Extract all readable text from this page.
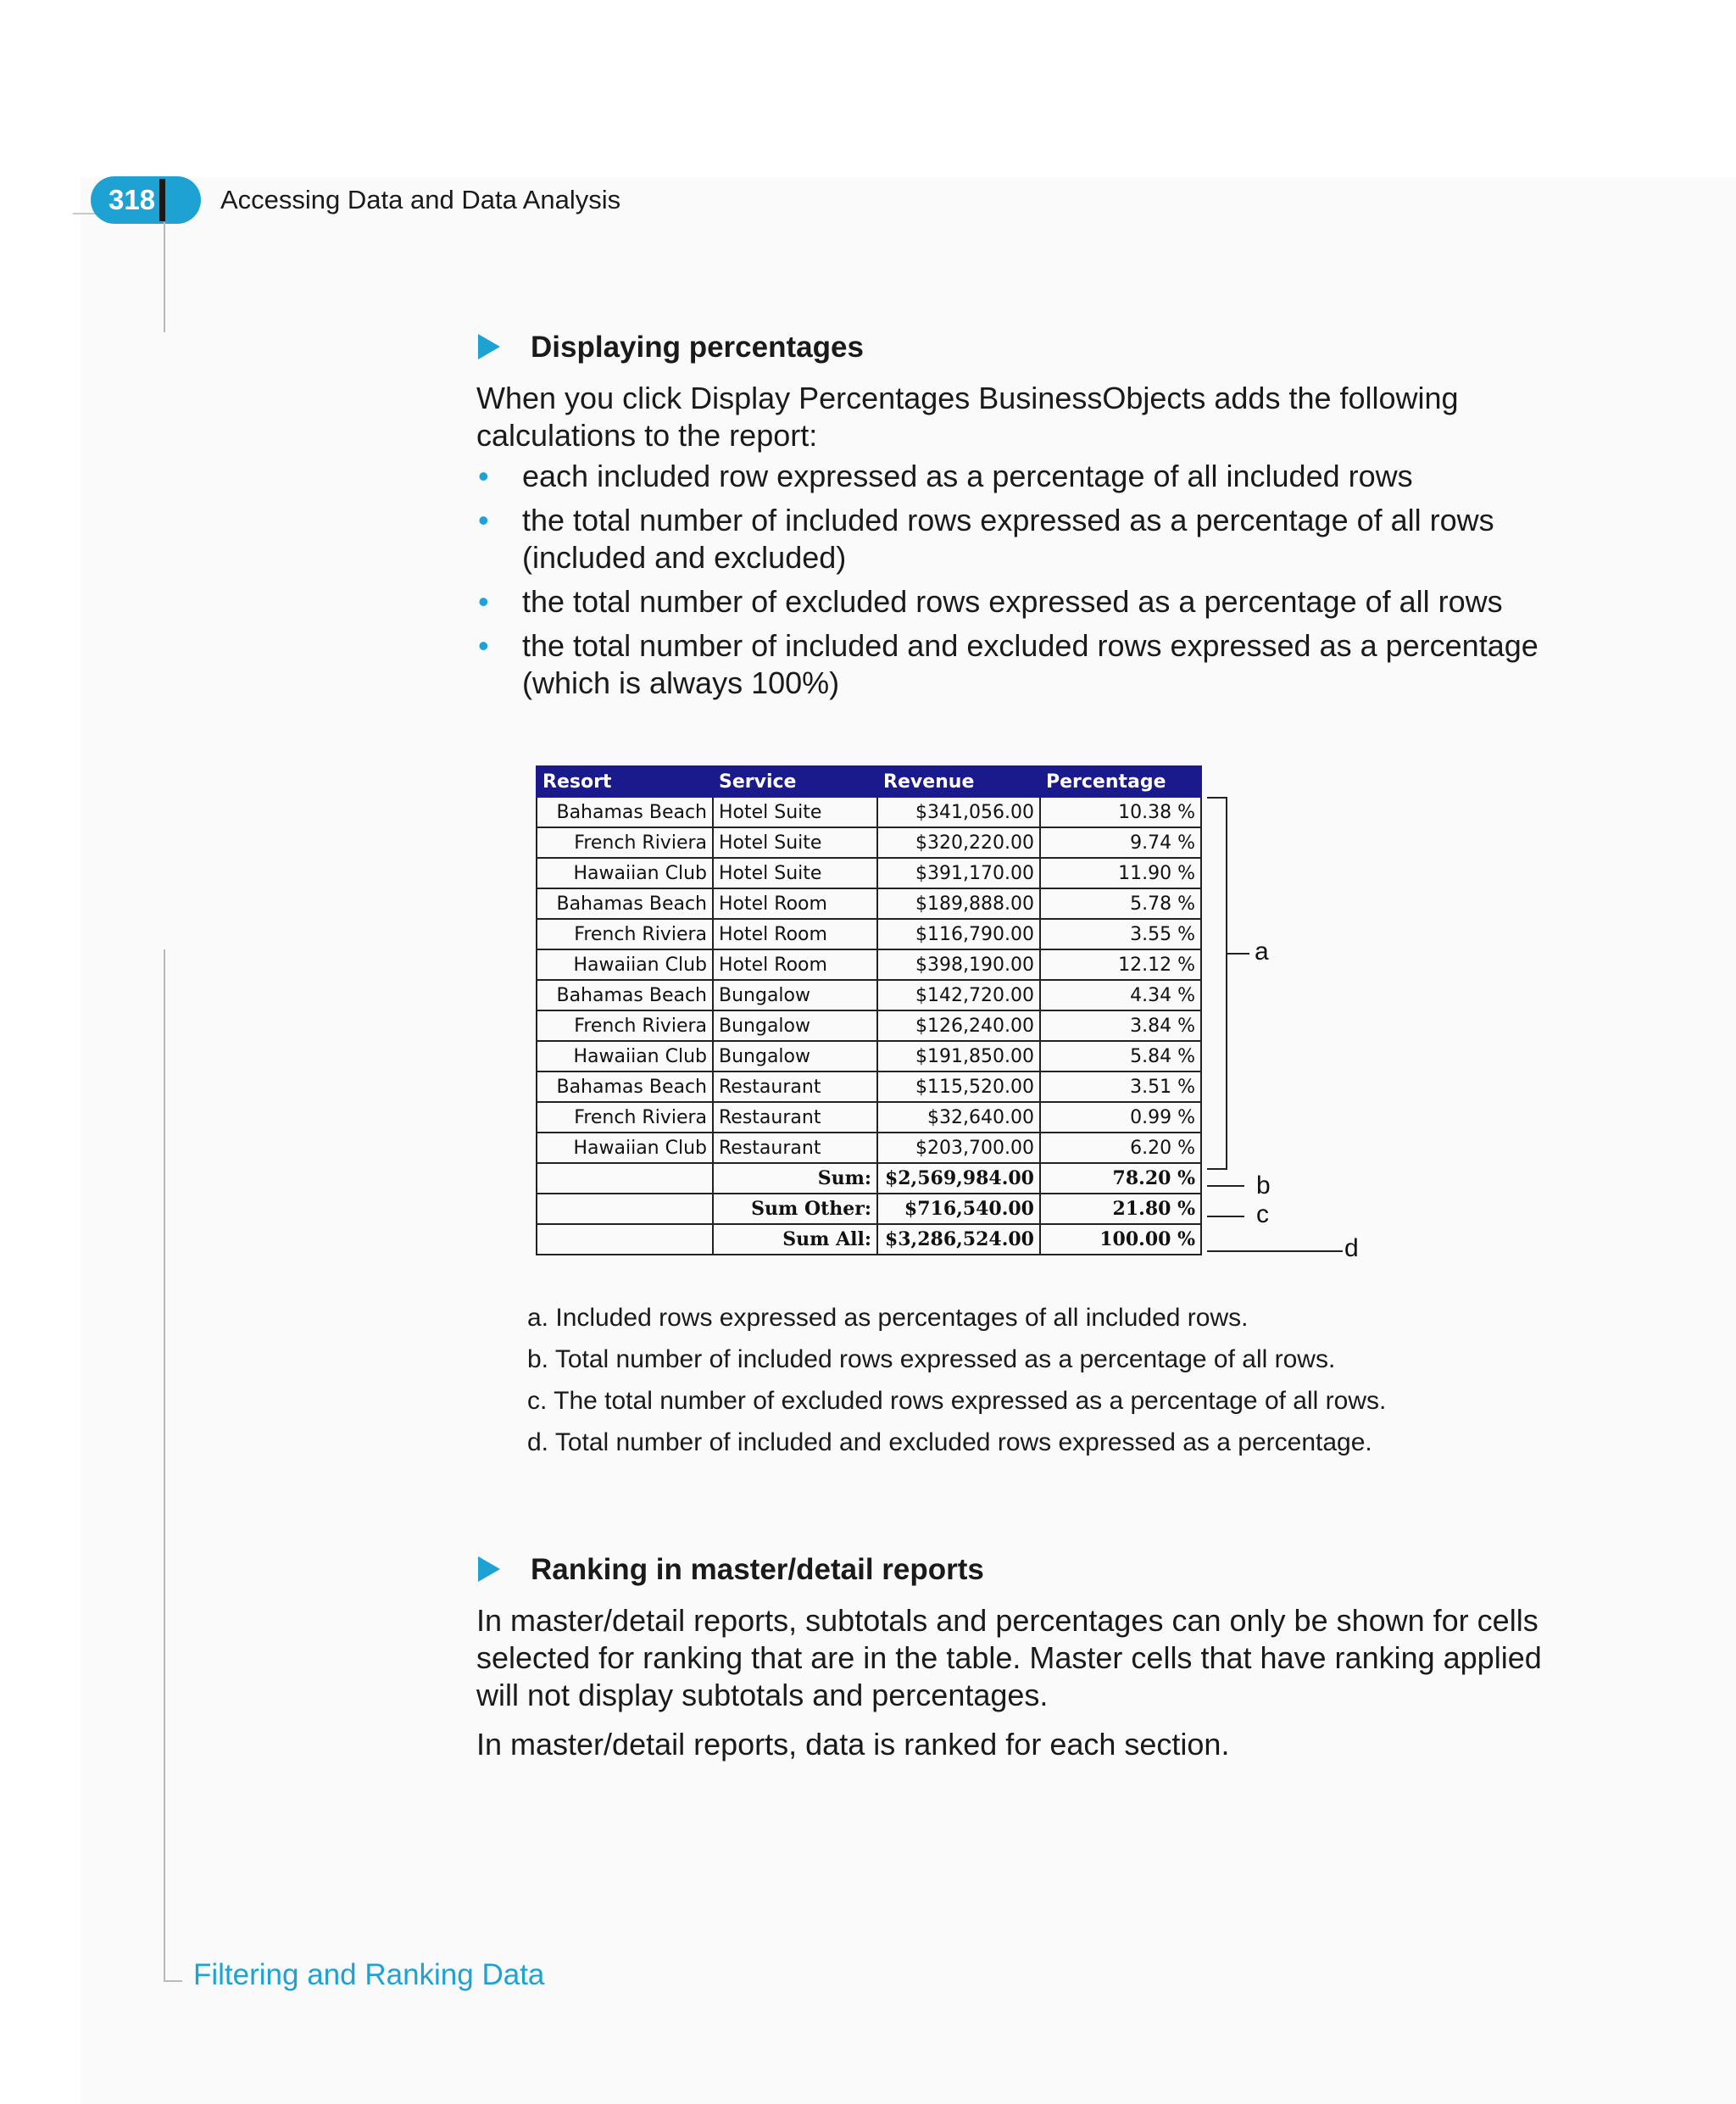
318 Accessing Data and Data Analysis
Displaying percentages
When you click Display Percentages BusinessObjects adds the following calculations to the report:
• each included row expressed as a percentage of all included rows
• the total number of included rows expressed as a percentage of all rows (included and excluded)
• the total number of excluded rows expressed as a percentage of all rows
• the total number of included and excluded rows expressed as a percentage (which is always 100%)
Resort	Service	Revenue	Percentage
Bahamas Beach	Hotel Suite	$341,056.00	10.38 %
French Riviera	Hotel Suite	$320,220.00	9.74 %
Hawaiian Club	Hotel Suite	$391,170.00	11.90 %
Bahamas Beach	Hotel Room	$189,888.00	5.78 %
French Riviera	Hotel Room	$116,790.00	3.55 %
Hawaiian Club	Hotel Room	$398,190.00	12.12 %
Bahamas Beach	Bungalow	$142,720.00	4.34 %
French Riviera	Bungalow	$126,240.00	3.84 %
Hawaiian Club	Bungalow	$191,850.00	5.84 %
Bahamas Beach	Restaurant	$115,520.00	3.51 %
French Riviera	Restaurant	$32,640.00	0.99 %
Hawaiian Club	Restaurant	$203,700.00	6.20 %
	Sum:	$2,569,984.00	78.20 %
	Sum Other:	$716,540.00	21.80 %
	Sum All:	$3,286,524.00	100.00 %
a
b
c
d
a. Included rows expressed as percentages of all included rows.
b. Total number of included rows expressed as a percentage of all rows.
c. The total number of excluded rows expressed as a percentage of all rows.
d. Total number of included and excluded rows expressed as a percentage.
Ranking in master/detail reports
In master/detail reports, subtotals and percentages can only be shown for cells selected for ranking that are in the table. Master cells that have ranking applied will not display subtotals and percentages.
In master/detail reports, data is ranked for each section.
Filtering and Ranking Data
